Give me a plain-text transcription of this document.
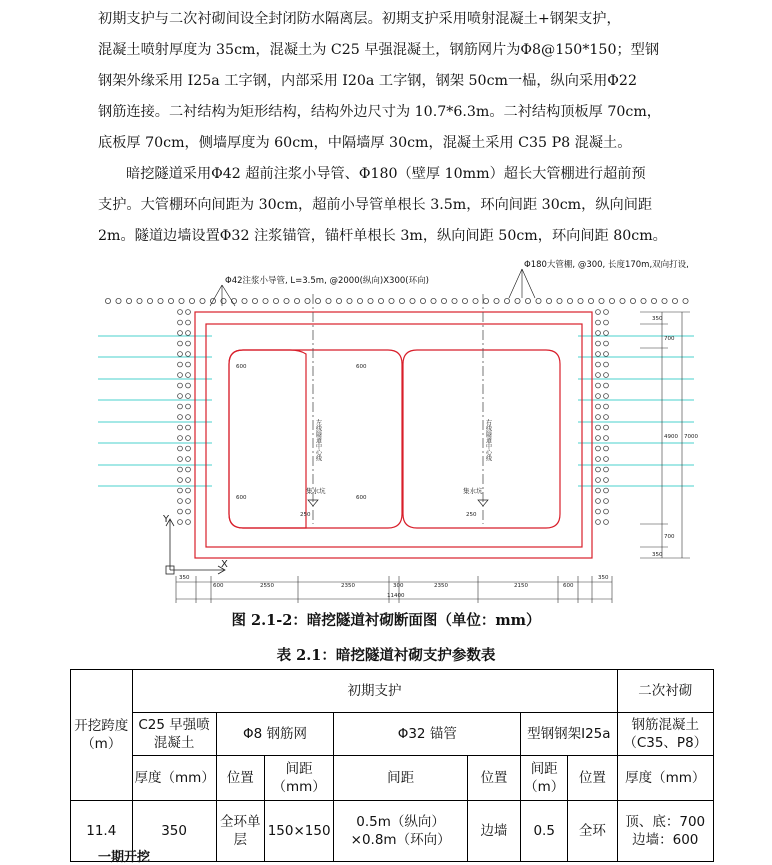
初期支护与二次衬砌间设全封闭防水隔离层。初期支护采用喷射混凝土+钢架支护，

混凝土喷射厚度为 35cm，混凝土为 C25 早强混凝土，钢筋网片为Φ8@150*150；型钢

钢架外缘采用 I25a 工字钢，内部采用 I20a 工字钢，钢架 50cm一榀，纵向采用Φ22

钢筋连接。二衬结构为矩形结构，结构外边尺寸为 10.7*6.3m。二衬结构顶板厚 70cm，

底板厚 70cm，侧墙厚度为 60cm，中隔墙厚 30cm，混凝土采用 C35 P8 混凝土。

暗挖隧道采用Φ42 超前注浆小导管、Φ180（壁厚 10mm）超长大管棚进行超前预

支护。大管棚环向间距为 30cm，超前小导管单根长 3.5m，环向间距 30cm，纵向间距

2m。隧道边墙设置Φ32 注浆锚管，锚杆单根长 3m，纵向间距 50cm，环向间距 80cm。

左线隧道中心线	右线隧道中心线
集水坑	集水坑
600
600
600
600
250	250
Φ42注浆小导管, L=3.5m, @2000(纵向)X300(环向)
Φ180大管棚, @300, 长度170m,双向打设,
350
700
4900 7000
700
350
Y
X
350
600	2550	2350	300	2350	2150	600
350
11400
图 2.1-2：暗挖隧道衬砌断面图（单位：mm）
表 2.1：暗挖隧道衬砌支护参数表
开挖跨度（m）	初期支护							二次衬砌
	C25 早强喷混凝土	Φ8 钢筋网		Φ32 锚管		型钢钢架I25a		钢筋混凝土（C35、P8）
	厚度（mm）	位置	间距（mm）	间距	位置	间距（m）	位置	厚度（mm）
11.4	350	全环单层	150×150	0.5m（纵向）×0.8m（环向）	边墙	0.5	全环	顶、底：700边墙：600
一期开挖
